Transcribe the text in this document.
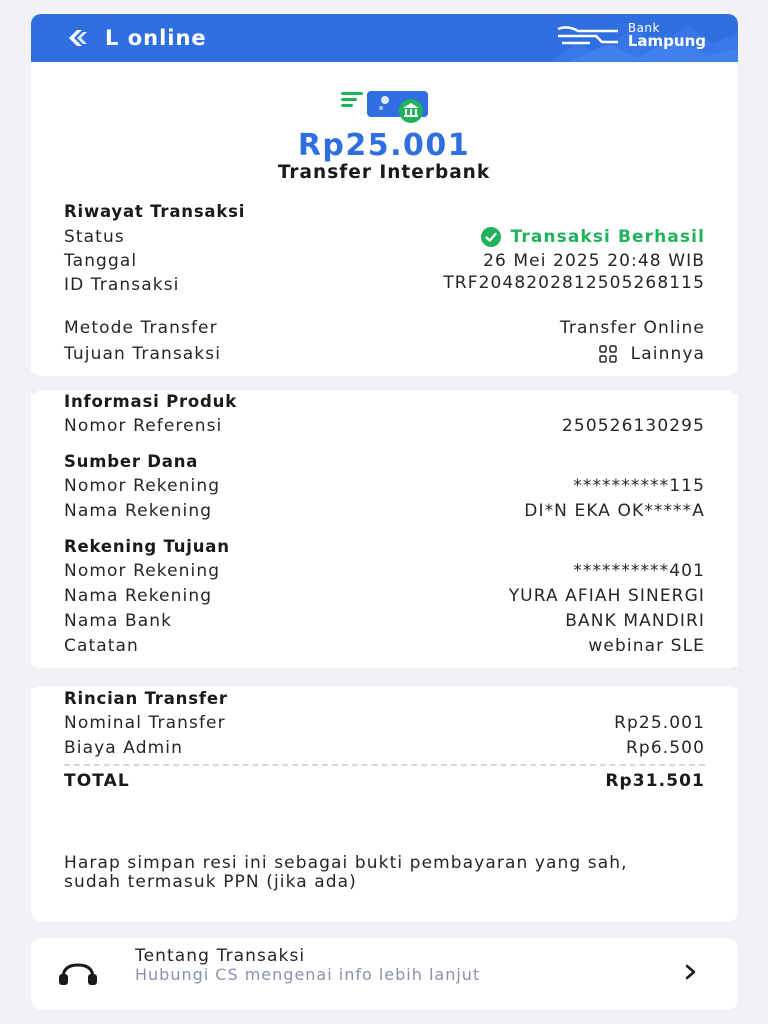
L online	Bank
Lampung
Rp25.001
Transfer Interbank
Riwayat Transaksi
Status	Transaksi Berhasil
Tanggal	26 Mei 2025 20:48 WIB
ID Transaksi	TRF2048202812505268115
Metode Transfer	Transfer Online
Tujuan Transaksi	Lainnya
Informasi Produk
Nomor Referensi	250526130295
Sumber Dana
Nomor Rekening	**********115
Nama Rekening	DI*N EKA OK*****A
Rekening Tujuan
Nomor Rekening	**********401
Nama Rekening	YURA AFIAH SINERGI
Nama Bank	BANK MANDIRI
Catatan	webinar SLE
Rincian Transfer
Nominal Transfer	Rp25.001
Biaya Admin	Rp6.500
TOTAL	Rp31.501
Harap simpan resi ini sebagai bukti pembayaran yang sah, sudah termasuk PPN (jika ada)
Tentang Transaksi
Hubungi CS mengenai info lebih lanjut
